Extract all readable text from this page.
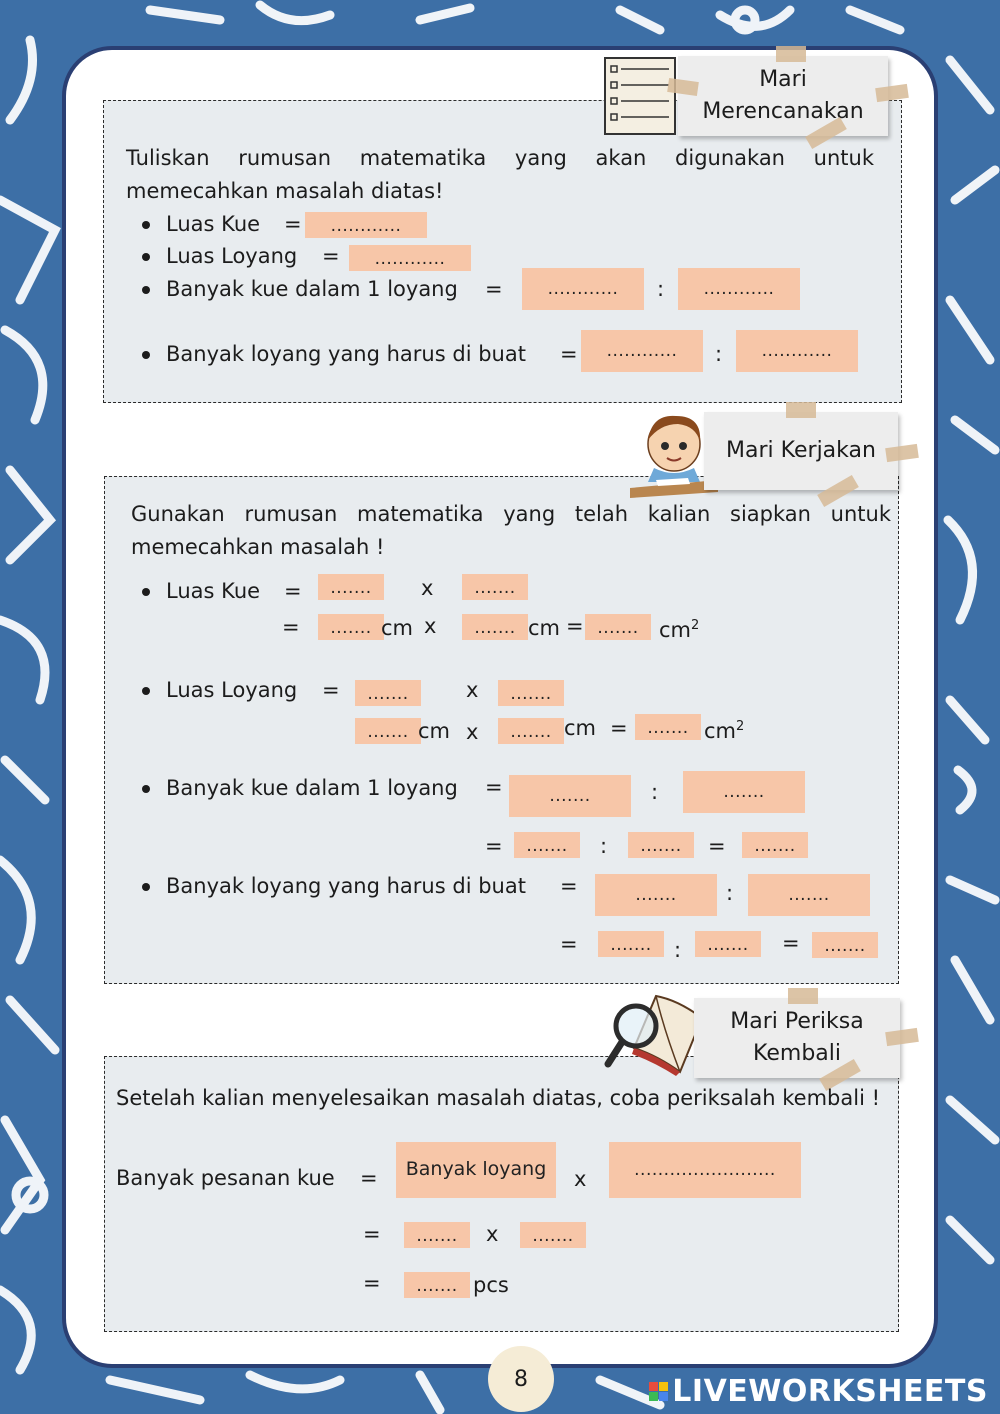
Mari
Merencanakan
Tuliskan rumusan matematika yang akan digunakan untuk memecahkan masalah diatas!
Luas Kue =	............
Luas Loyang =	............
Banyak kue dalam 1 loyang =	............	:	............
Banyak loyang yang harus di buat =	............	:	............
Mari Kerjakan
Gunakan rumusan matematika yang telah kalian siapkan untuk memecahkan masalah !
Luas Kue =	.......	x	.......
=	....... cm x	....... cm = ....... $cm^2$
Luas Loyang =	.......	x	.......
....... cm x	....... cm =	....... $cm^2$
Banyak kue dalam 1 loyang =	.......	:	.......
=	.......	:	.......	=	.......
Banyak loyang yang harus di buat =	.......	:	.......
=	.......	:	.......	=	.......
Mari Periksa
Kembali
Setelah kalian menyelesaikan masalah diatas, coba periksalah kembali !
Banyak pesanan kue =	Banyak loyang	x	........................
=	.......	x	.......
=	....... pcs
8	LIVEWORKSHEETS
